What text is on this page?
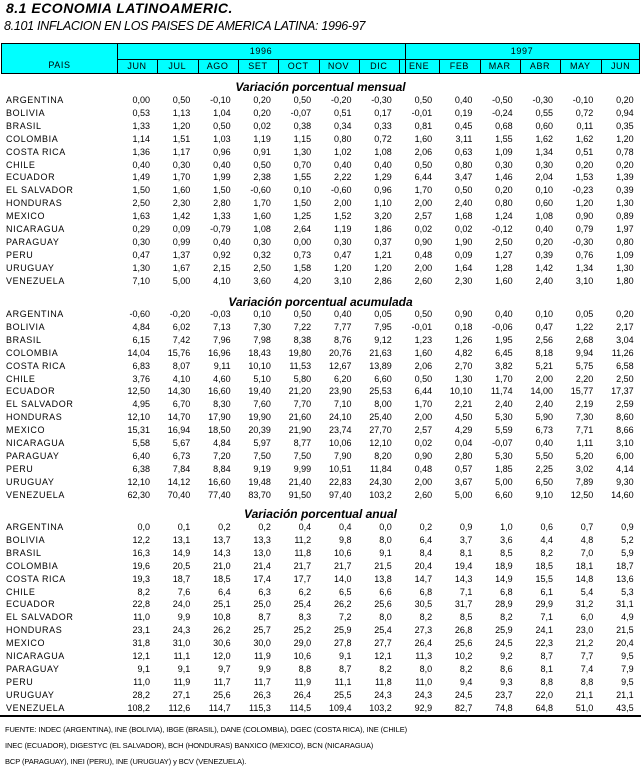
8.1 ECONOMIA LATINOAMERIC.
8.101 INFLACION EN LOS PAISES DE AMERICA LATINA: 1996-97
PAIS
1996	1997
JUN	JUL	AGO	SET	OCT	NOV	DIC	ENE	FEB	MAR	ABR	MAY	JUN
Variación porcentual mensual
ARGENTINA	0,00	0,50	-0,10	0,20	0,50	-0,20	-0,30	0,50	0,40	-0,50	-0,30	-0,10	0,20
BOLIVIA	0,53	1,13	1,04	0,20	-0,07	0,51	0,17	-0,01	0,19	-0,24	0,55	0,72	0,94
BRASIL	1,33	1,20	0,50	0,02	0,38	0,34	0,33	0,81	0,45	0,68	0,60	0,11	0,35
COLOMBIA	1,14	1,51	1,03	1,19	1,15	0,80	0,72	1,60	3,11	1,55	1,62	1,62	1,20
COSTA RICA	1,36	1,17	0,96	0,91	1,30	1,02	1,08	2,06	0,63	1,09	1,34	0,51	0,78
CHILE	0,40	0,30	0,40	0,50	0,70	0,40	0,40	0,50	0,80	0,30	0,30	0,20	0,20
ECUADOR	1,49	1,70	1,99	2,38	1,55	2,22	1,29	6,44	3,47	1,46	2,04	1,53	1,39
EL SALVADOR	1,50	1,60	1,50	-0,60	0,10	-0,60	0,96	1,70	0,50	0,20	0,10	-0,23	0,39
HONDURAS	2,50	2,30	2,80	1,70	1,50	2,00	1,10	2,00	2,40	0,80	0,60	1,20	1,30
MEXICO	1,63	1,42	1,33	1,60	1,25	1,52	3,20	2,57	1,68	1,24	1,08	0,90	0,89
NICARAGUA	0,29	0,09	-0,79	1,08	2,64	1,19	1,86	0,02	0,02	-0,12	0,40	0,79	1,97
PARAGUAY	0,30	0,99	0,40	0,30	0,00	0,30	0,37	0,90	1,90	2,50	0,20	-0,30	0,80
PERU	0,47	1,37	0,92	0,32	0,73	0,47	1,21	0,48	0,09	1,27	0,39	0,76	1,09
URUGUAY	1,30	1,67	2,15	2,50	1,58	1,20	1,20	2,00	1,64	1,28	1,42	1,34	1,30
VENEZUELA	7,10	5,00	4,10	3,60	4,20	3,10	2,86	2,60	2,30	1,60	2,40	3,10	1,80
Variación porcentual acumulada
ARGENTINA	-0,60	-0,20	-0,03	0,10	0,50	0,40	0,05	0,50	0,90	0,40	0,10	0,05	0,20
BOLIVIA	4,84	6,02	7,13	7,30	7,22	7,77	7,95	-0,01	0,18	-0,06	0,47	1,22	2,17
BRASIL	6,15	7,42	7,96	7,98	8,38	8,76	9,12	1,23	1,26	1,95	2,56	2,68	3,04
COLOMBIA	14,04	15,76	16,96	18,43	19,80	20,76	21,63	1,60	4,82	6,45	8,18	9,94	11,26
COSTA RICA	6,83	8,07	9,11	10,10	11,53	12,67	13,89	2,06	2,70	3,82	5,21	5,75	6,58
CHILE	3,76	4,10	4,60	5,10	5,80	6,20	6,60	0,50	1,30	1,70	2,00	2,20	2,50
ECUADOR	12,50	14,30	16,60	19,40	21,20	23,90	25,53	6,44	10,10	11,74	14,00	15,77	17,37
EL SALVADOR	4,95	6,70	8,30	7,60	7,70	7,10	8,00	1,70	2,21	2,40	2,40	2,19	2,59
HONDURAS	12,10	14,70	17,90	19,90	21,60	24,10	25,40	2,00	4,50	5,30	5,90	7,30	8,60
MEXICO	15,31	16,94	18,50	20,39	21,90	23,74	27,70	2,57	4,29	5,59	6,73	7,71	8,66
NICARAGUA	5,58	5,67	4,84	5,97	8,77	10,06	12,10	0,02	0,04	-0,07	0,40	1,11	3,10
PARAGUAY	6,40	6,73	7,20	7,50	7,50	7,90	8,20	0,90	2,80	5,30	5,50	5,20	6,00
PERU	6,38	7,84	8,84	9,19	9,99	10,51	11,84	0,48	0,57	1,85	2,25	3,02	4,14
URUGUAY	12,10	14,12	16,60	19,48	21,40	22,83	24,30	2,00	3,67	5,00	6,50	7,89	9,30
VENEZUELA	62,30	70,40	77,40	83,70	91,50	97,40	103,2	2,60	5,00	6,60	9,10	12,50	14,60
Variación porcentual anual
ARGENTINA	0,0	0,1	0,2	0,2	0,4	0,4	0,0	0,2	0,9	1,0	0,6	0,7	0,9
BOLIVIA	12,2	13,1	13,7	13,3	11,2	9,8	8,0	6,4	3,7	3,6	4,4	4,8	5,2
BRASIL	16,3	14,9	14,3	13,0	11,8	10,6	9,1	8,4	8,1	8,5	8,2	7,0	5,9
COLOMBIA	19,6	20,5	21,0	21,4	21,7	21,7	21,5	20,4	19,4	18,9	18,5	18,1	18,7
COSTA RICA	19,3	18,7	18,5	17,4	17,7	14,0	13,8	14,7	14,3	14,9	15,5	14,8	13,6
CHILE	8,2	7,6	6,4	6,3	6,2	6,5	6,6	6,8	7,1	6,8	6,1	5,4	5,3
ECUADOR	22,8	24,0	25,1	25,0	25,4	26,2	25,6	30,5	31,7	28,9	29,9	31,2	31,1
EL SALVADOR	11,0	9,9	10,8	8,7	8,3	7,2	8,0	8,2	8,5	8,2	7,1	6,0	4,9
HONDURAS	23,1	24,3	26,2	25,7	25,2	25,9	25,4	27,3	26,8	25,9	24,1	23,0	21,5
MEXICO	31,8	31,0	30,6	30,0	29,0	27,8	27,7	26,4	25,6	24,5	22,3	21,2	20,4
NICARAGUA	12,1	11,1	12,0	11,9	10,6	9,1	12,1	11,3	10,2	9,2	8,7	7,7	9,5
PARAGUAY	9,1	9,1	9,7	9,9	8,8	8,7	8,2	8,0	8,2	8,6	8,1	7,4	7,9
PERU	11,0	11,9	11,7	11,7	11,9	11,1	11,8	11,0	9,4	9,3	8,8	8,8	9,5
URUGUAY	28,2	27,1	25,6	26,3	26,4	25,5	24,3	24,3	24,5	23,7	22,0	21,1	21,1
VENEZUELA	108,2	112,6	114,7	115,3	114,5	109,4	103,2	92,9	82,7	74,8	64,8	51,0	43,5
FUENTE: INDEC (ARGENTINA), INE (BOLIVIA), IBGE (BRASIL), DANE (COLOMBIA), DGEC (COSTA RICA), INE (CHILE)
INEC (ECUADOR), DIGESTYC (EL SALVADOR), BCH (HONDURAS) BANXICO (MEXICO), BCN (NICARAGUA)
BCP (PARAGUAY), INEI (PERU), INE (URUGUAY) y BCV (VENEZUELA).
